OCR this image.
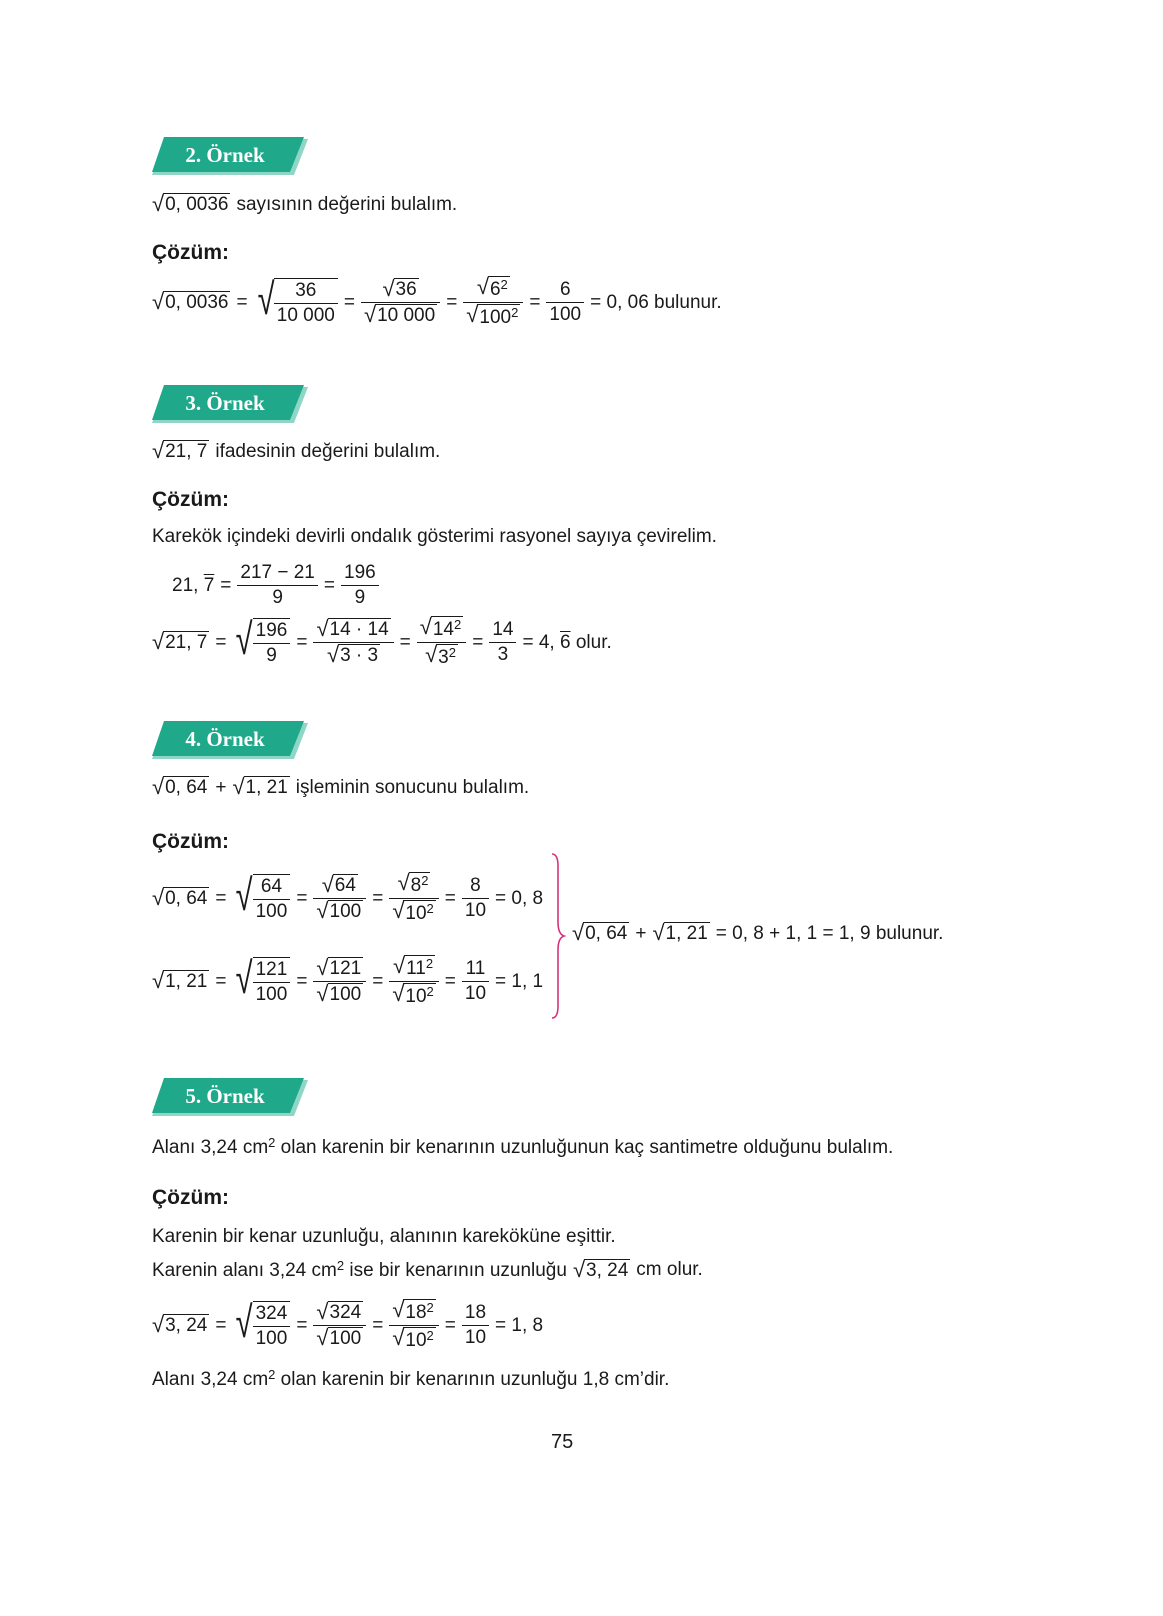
2. Örnek
√ 0, 0036 sayısının değerini bulalım.
Çözüm:
√ 0, 0036 = √ $\frac{36}{10 000} = \frac{√ 36}{√ 10 000} = \frac{√ 6^2}{√ 100^2} = \frac{6}{100} = 0$, 06 bulunur.
3. Örnek
√ 21, 7 ifadesinin değerini bulalım.
Çözüm:
Karekök içindeki devirli ondalık gösterimi rasyonel sayıya çevirelim.
21, $7 = \frac{217 - 21}{9} = \frac{196}{9}$
√ 21, 7 = √ $\frac{196}{9} = \frac{√ 14 \cdot 14}{√ 3 \cdot 3} = \frac{√ 14^2}{√ 3^2} = \frac{14}{3} = 4$, 6 olur.
4. Örnek
√ 0, 64 + √ 1, 21 işleminin sonucunu bulalım.
Çözüm:
√ 0, 64 = √ $\frac{64}{100} = \frac{√ 64}{√ 100} = \frac{√ 8^2}{√ 10^2} = \frac{8}{10} = 0$, 8
√ 1, 21 = √ $\frac{121}{100} = \frac{√ 121}{√ 100} = \frac{√ 11^2}{√ 10^2} = \frac{11}{10} = 1$, 1
√ 0, 64 + √ 1, 21 = 0, 8 + 1, 1 = 1, 9 bulunur.
5. Örnek
Alanı 3,24 $cm^2$ olan karenin bir kenarının uzunluğunun kaç santimetre olduğunu bulalım.
Çözüm:
Karenin bir kenar uzunluğu, alanının kareköküne eşittir.
Karenin alanı 3,24 $cm^2$ ise bir kenarının uzunluğu √ 3, 24 cm olur.
√ 3, 24 = √ $\frac{324}{100} = \frac{√ 324}{√ 100} = \frac{√ 18^2}{√ 10^2} = \frac{18}{10} = 1$, 8
Alanı 3,24 $cm^2$ olan karenin bir kenarının uzunluğu 1,8 cm’dir.
75
